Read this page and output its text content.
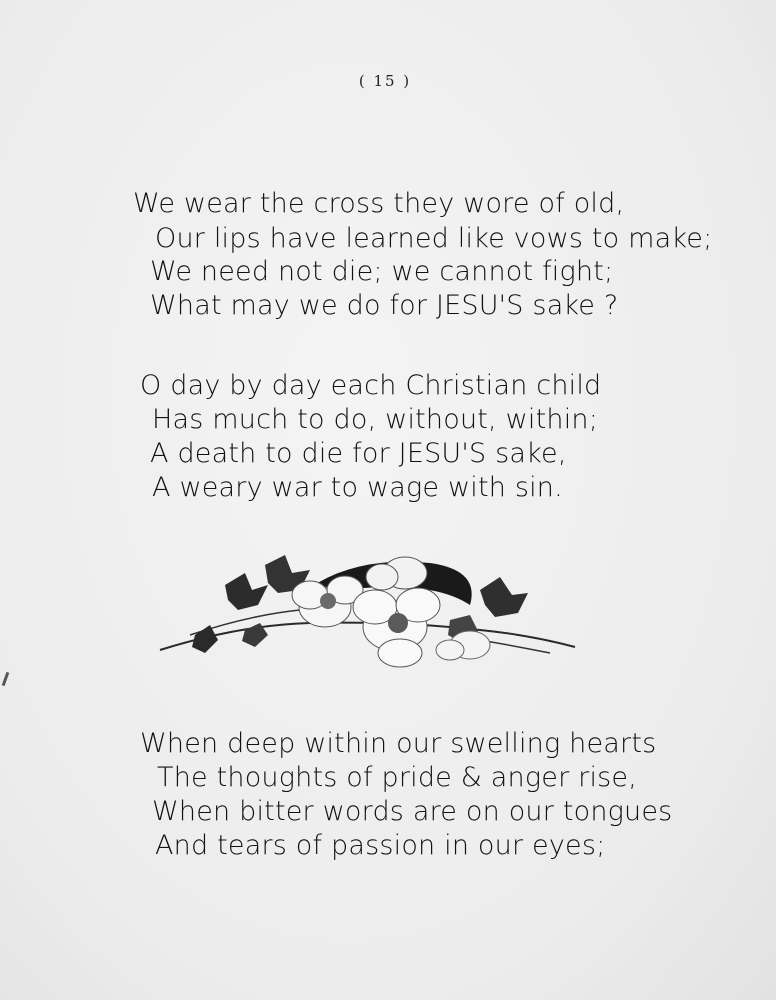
( 15 )
We wear the cross they wore of old,
Our lips have learned like vows to make;
We need not die; we cannot fight;
What may we do for JESU'S sake ?
O day by day each Christian child
Has much to do, without, within;
A death to die for JESU'S sake,
A weary war to wage with sin.
When deep within our swelling hearts
The thoughts of pride & anger rise,
When bitter words are on our tongues
And tears of passion in our eyes;
